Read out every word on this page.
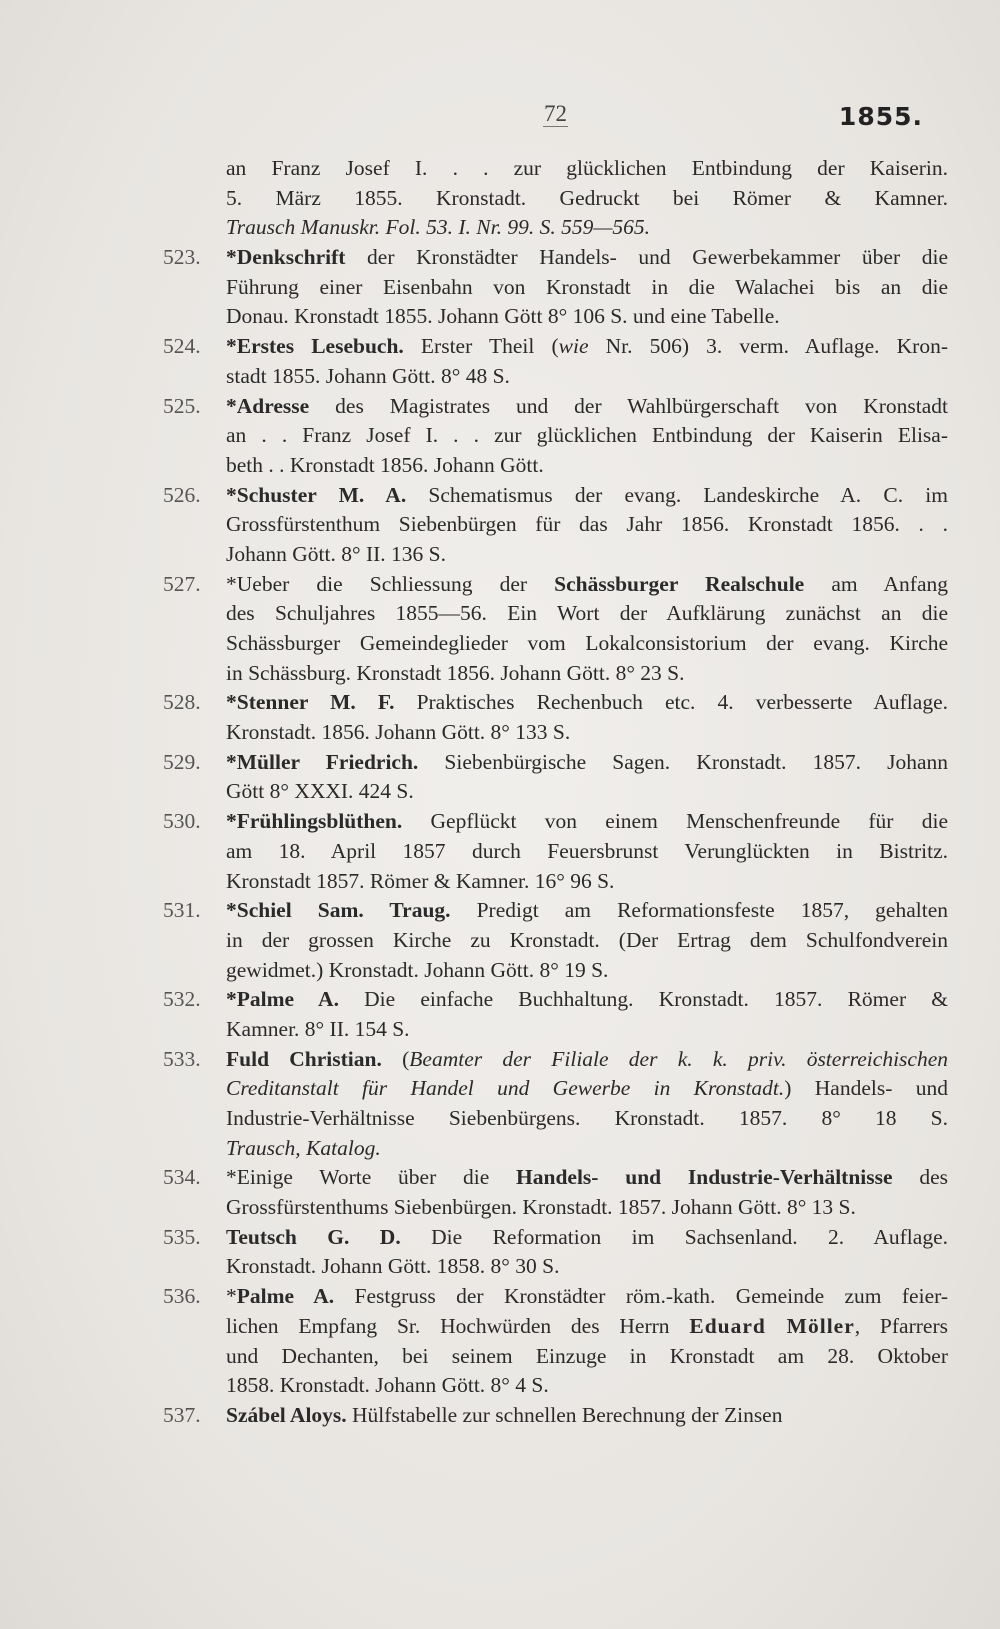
72	1855.
an Franz Josef I. . . zur glücklichen Entbindung der Kaiserin.
5. März 1855. Kronstadt. Gedruckt bei Römer & Kamner.
Trausch Manuskr. Fol. 53. I. Nr. 99. S. 559—565.
523.	*Denkschrift der Kronstädter Handels- und Gewerbekammer über die
Führung einer Eisenbahn von Kronstadt in die Walachei bis an die
Donau. Kronstadt 1855. Johann Gött 8° 106 S. und eine Tabelle.
524.	*Erstes Lesebuch. Erster Theil (wie Nr. 506) 3. verm. Auflage. Kron-
stadt 1855. Johann Gött. 8° 48 S.
525.	*Adresse des Magistrates und der Wahlbürgerschaft von Kronstadt
an . . Franz Josef I. . . zur glücklichen Entbindung der Kaiserin Elisa-
beth . . Kronstadt 1856. Johann Gött.
526.	*Schuster M. A. Schematismus der evang. Landeskirche A. C. im
Grossfürstenthum Siebenbürgen für das Jahr 1856. Kronstadt 1856. . .
Johann Gött. 8° II. 136 S.
527.	*Ueber die Schliessung der Schässburger Realschule am Anfang
des Schuljahres 1855—56. Ein Wort der Aufklärung zunächst an die
Schässburger Gemeindeglieder vom Lokalconsistorium der evang. Kirche
in Schässburg. Kronstadt 1856. Johann Gött. 8° 23 S.
528.	*Stenner M. F. Praktisches Rechenbuch etc. 4. verbesserte Auflage.
Kronstadt. 1856. Johann Gött. 8° 133 S.
529.	*Müller Friedrich. Siebenbürgische Sagen. Kronstadt. 1857. Johann
Gött 8° XXXI. 424 S.
530.	*Frühlingsblüthen. Gepflückt von einem Menschenfreunde für die
am 18. April 1857 durch Feuersbrunst Verunglückten in Bistritz.
Kronstadt 1857. Römer & Kamner. 16° 96 S.
531.	*Schiel Sam. Traug. Predigt am Reformationsfeste 1857, gehalten
in der grossen Kirche zu Kronstadt. (Der Ertrag dem Schulfondverein
gewidmet.) Kronstadt. Johann Gött. 8° 19 S.
532.	*Palme A. Die einfache Buchhaltung. Kronstadt. 1857. Römer &
Kamner. 8° II. 154 S.
533.	Fuld Christian. (Beamter der Filiale der k. k. priv. österreichischen
Creditanstalt für Handel und Gewerbe in Kronstadt.) Handels- und
Industrie-Verhältnisse Siebenbürgens. Kronstadt. 1857. 8° 18 S.
Trausch, Katalog.
534.	*Einige Worte über die Handels- und Industrie-Verhältnisse des
Grossfürstenthums Siebenbürgen. Kronstadt. 1857. Johann Gött. 8° 13 S.
535.	Teutsch G. D. Die Reformation im Sachsenland. 2. Auflage.
Kronstadt. Johann Gött. 1858. 8° 30 S.
536.	*Palme A. Festgruss der Kronstädter röm.-kath. Gemeinde zum feier-
lichen Empfang Sr. Hochwürden des Herrn Eduard Möller, Pfarrers
und Dechanten, bei seinem Einzuge in Kronstadt am 28. Oktober
1858. Kronstadt. Johann Gött. 8° 4 S.
537.	Szábel Aloys. Hülfstabelle zur schnellen Berechnung der Zinsen
